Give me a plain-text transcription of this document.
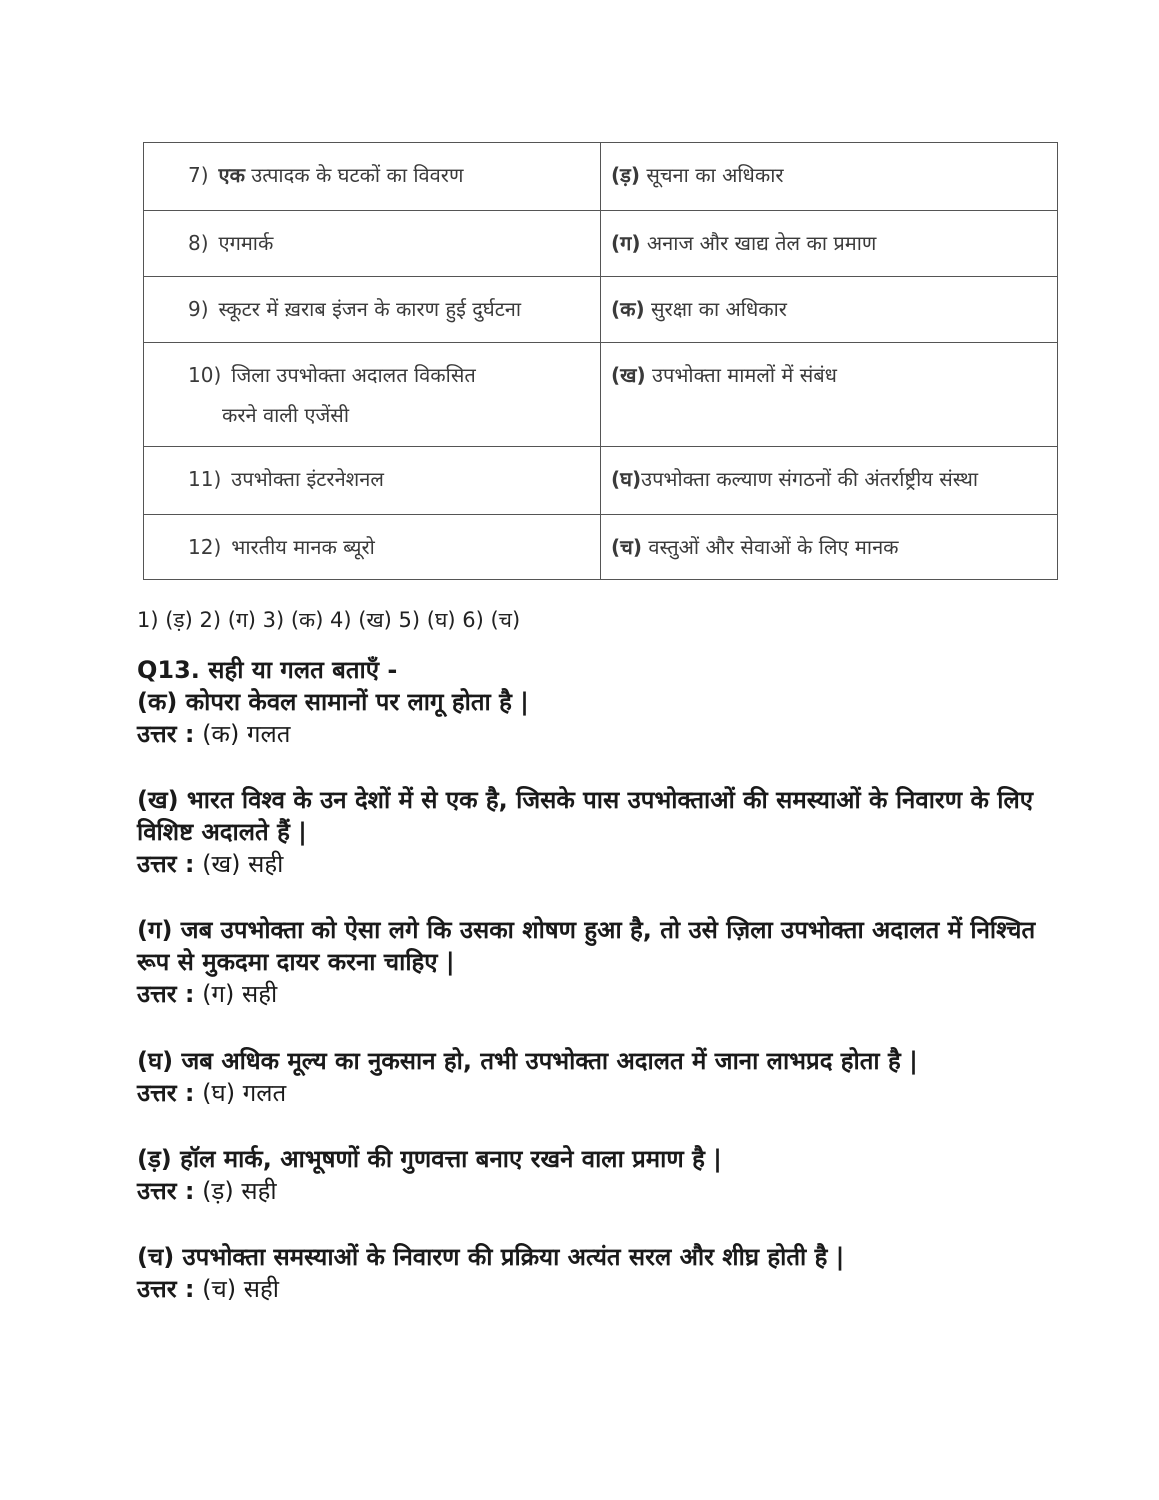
7) एक उत्पादक के घटकों का विवरण	(ड़) सूचना का अधिकार
8) एगमार्क	(ग) अनाज और खाद्य तेल का प्रमाण
9) स्कूटर में ख़राब इंजन के कारण हुई दुर्घटना	(क) सुरक्षा का अधिकार
10) जिला उपभोक्ता अदालत विकसित
करने वाली एजेंसी	(ख) उपभोक्ता मामलों में संबंध
11) उपभोक्ता इंटरनेशनल	(घ)उपभोक्ता कल्याण संगठनों की अंतर्राष्ट्रीय संस्था
12) भारतीय मानक ब्यूरो	(च) वस्तुओं और सेवाओं के लिए मानक
1) (ड़) 2) (ग) 3) (क) 4) (ख) 5) (घ) 6) (च)
Q13. सही या गलत बताएँ -
(क) कोपरा केवल सामानों पर लागू होता है |
उत्तर : (क) गलत
(ख) भारत विश्व के उन देशों में से एक है, जिसके पास उपभोक्ताओं की समस्याओं के निवारण के लिए विशिष्ट अदालते हैं |
उत्तर : (ख) सही
(ग) जब उपभोक्ता को ऐसा लगे कि उसका शोषण हुआ है, तो उसे ज़िला उपभोक्ता अदालत में निश्चित रूप से मुकदमा दायर करना चाहिए |
उत्तर : (ग) सही
(घ) जब अधिक मूल्य का नुकसान हो, तभी उपभोक्ता अदालत में जाना लाभप्रद होता है |
उत्तर : (घ) गलत
(ड़) हॉल मार्क, आभूषणों की गुणवत्ता बनाए रखने वाला प्रमाण है |
उत्तर : (ड़) सही
(च) उपभोक्ता समस्याओं के निवारण की प्रक्रिया अत्यंत सरल और शीघ्र होती है |
उत्तर : (च) सही
